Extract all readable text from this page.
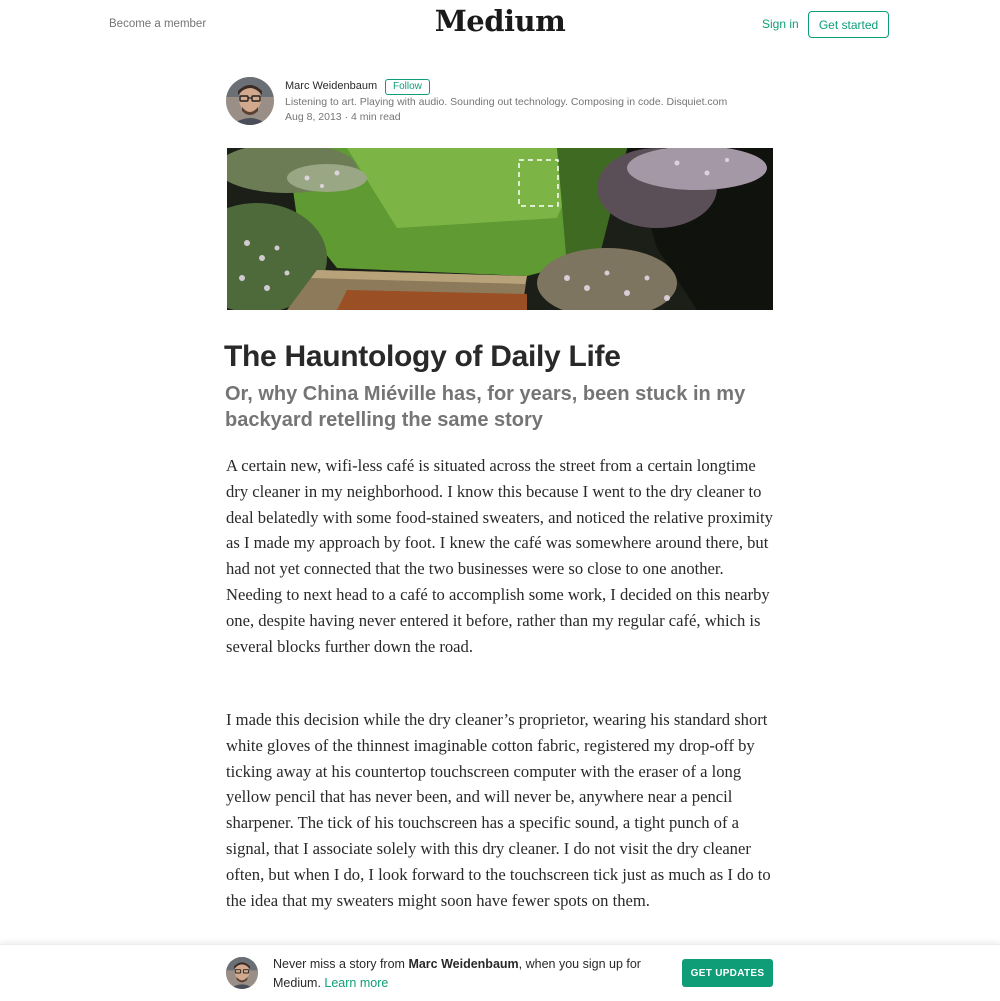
Become a member	Medium	Sign in	Get started
Marc Weidenbaum	Follow
Listening to art. Playing with audio. Sounding out technology. Composing in code. Disquiet.com
Aug 8, 2013 · 4 min read
The Hauntology of Daily Life
Or, why China Miéville has, for years, been stuck in my backyard retelling the same story

A certain new, wifi-less café is situated across the street from a certain longtime dry cleaner in my neighborhood. I know this because I went to the dry cleaner to deal belatedly with some food-stained sweaters, and noticed the relative proximity as I made my approach by foot. I knew the café was somewhere around there, but had not yet connected that the two businesses were so close to one another. Needing to next head to a café to accomplish some work, I decided on this nearby one, despite having never entered it before, rather than my regular café, which is several blocks further down the road.

I made this decision while the dry cleaner’s proprietor, wearing his standard short white gloves of the thinnest imaginable cotton fabric, registered my drop-off by ticking away at his countertop touchscreen computer with the eraser of a long yellow pencil that has never been, and will never be, anywhere near a pencil sharpener. The tick of his touchscreen has a specific sound, a tight punch of a signal, that I associate solely with this dry cleaner. I do not visit the dry cleaner often, but when I do, I look forward to the touchscreen tick just as much as I do to the idea that my sweaters might soon have fewer spots on them.

Never miss a story from Marc Weidenbaum, when you sign up for Medium. Learn more
GET UPDATES
